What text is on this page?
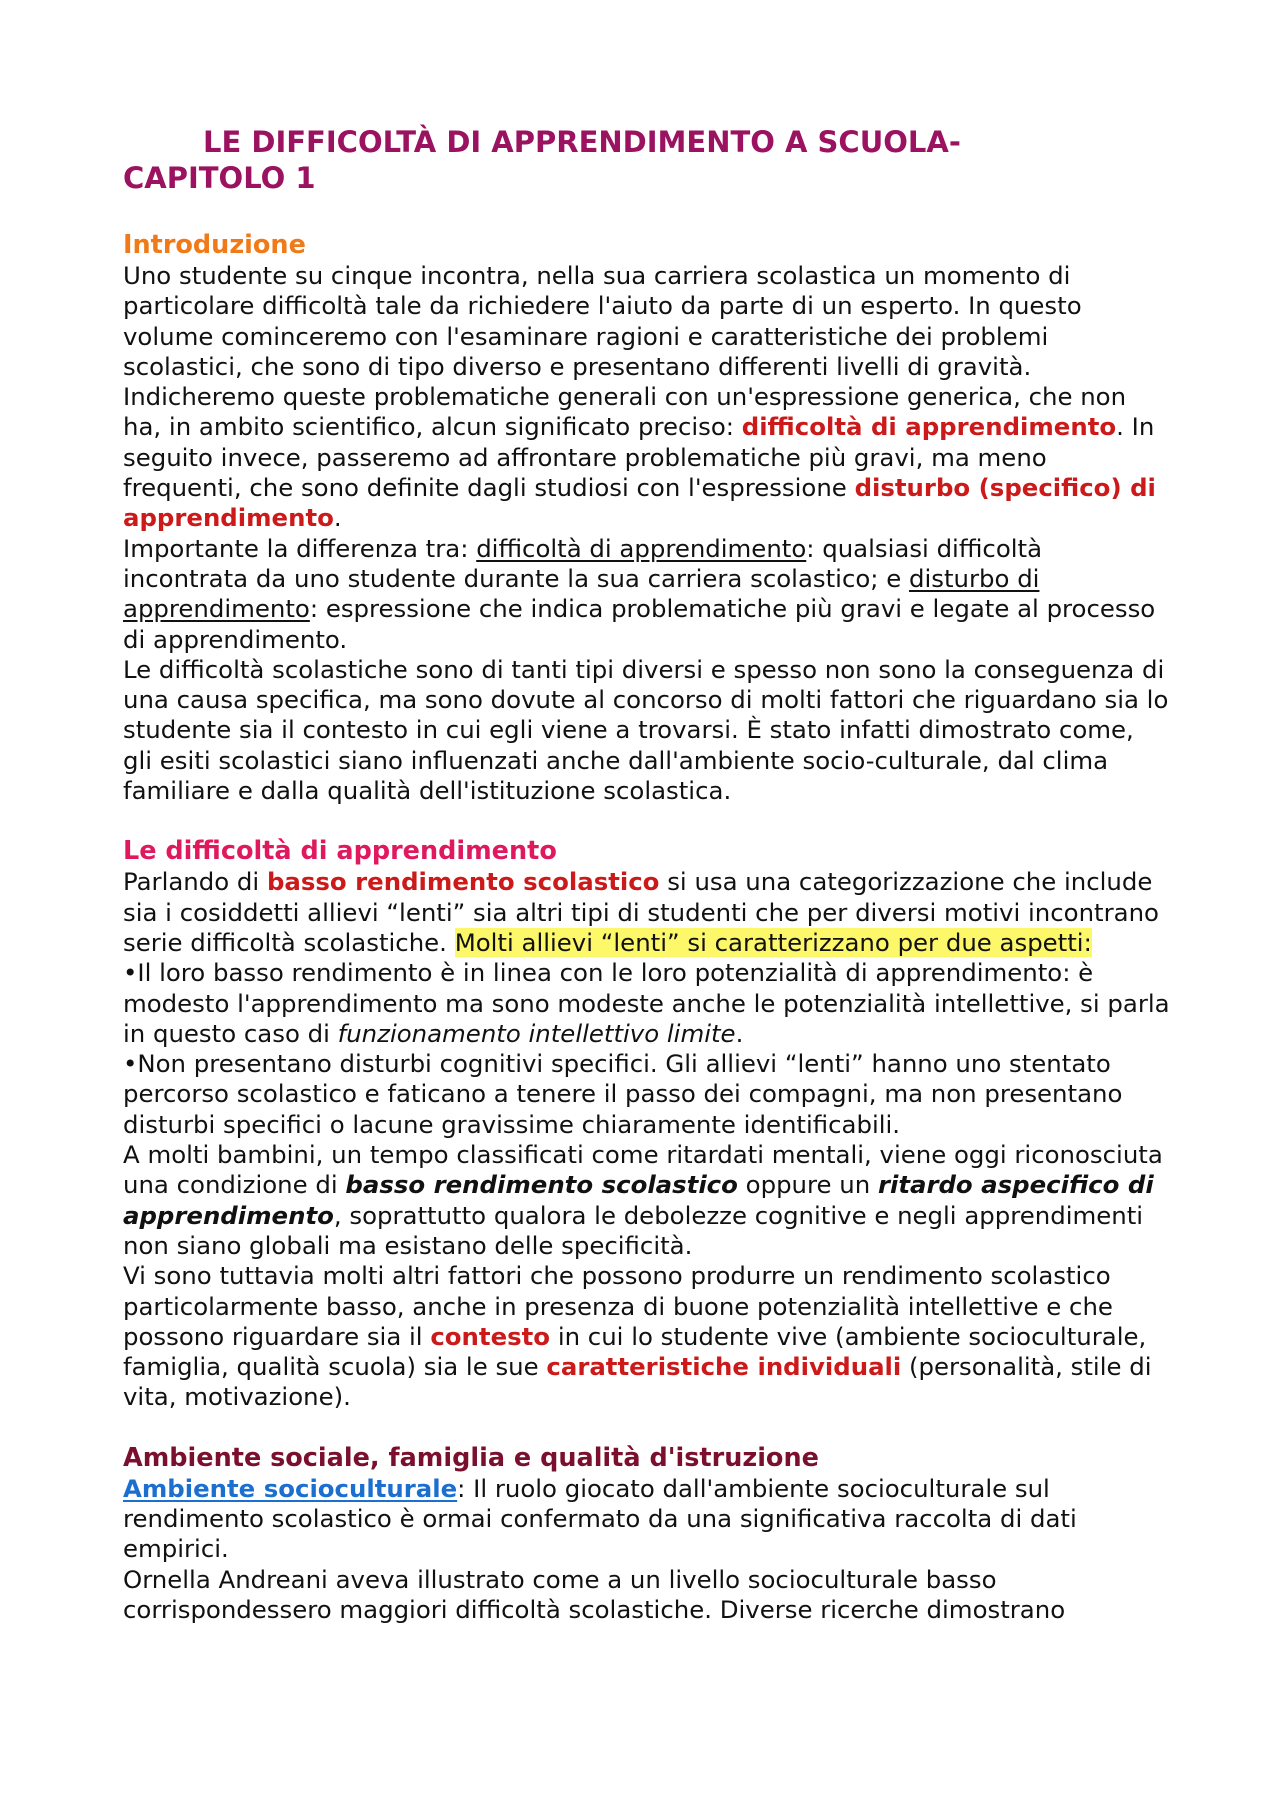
LE DIFFICOLTÀ DI APPRENDIMENTO A SCUOLA-
CAPITOLO 1
Introduzione

Uno studente su cinque incontra, nella sua carriera scolastica un momento di particolare difficoltà tale da richiedere l'aiuto da parte di un esperto. In questo volume cominceremo con l'esaminare ragioni e caratteristiche dei problemi scolastici, che sono di tipo diverso e presentano differenti livelli di gravità. Indicheremo queste problematiche generali con un'espressione generica, che non ha, in ambito scientifico, alcun significato preciso: difficoltà di apprendimento. In seguito invece, passeremo ad affrontare problematiche più gravi, ma meno frequenti, che sono definite dagli studiosi con l'espressione disturbo (specifico) di apprendimento.

Importante la differenza tra: difficoltà di apprendimento: qualsiasi difficoltà incontrata da uno studente durante la sua carriera scolastico; e disturbo di apprendimento: espressione che indica problematiche più gravi e legate al processo di apprendimento.

Le difficoltà scolastiche sono di tanti tipi diversi e spesso non sono la conseguenza di una causa specifica, ma sono dovute al concorso di molti fattori che riguardano sia lo studente sia il contesto in cui egli viene a trovarsi. È stato infatti dimostrato come, gli esiti scolastici siano influenzati anche dall'ambiente socio-culturale, dal clima familiare e dalla qualità dell'istituzione scolastica.

Le difficoltà di apprendimento

Parlando di basso rendimento scolastico si usa una categorizzazione che include sia i cosiddetti allievi “lenti” sia altri tipi di studenti che per diversi motivi incontrano serie difficoltà scolastiche. Molti allievi “lenti” si caratterizzano per due aspetti:

•Il loro basso rendimento è in linea con le loro potenzialità di apprendimento: è modesto l'apprendimento ma sono modeste anche le potenzialità intellettive, si parla in questo caso di funzionamento intellettivo limite.

•Non presentano disturbi cognitivi specifici. Gli allievi “lenti” hanno uno stentato percorso scolastico e faticano a tenere il passo dei compagni, ma non presentano disturbi specifici o lacune gravissime chiaramente identificabili.

A molti bambini, un tempo classificati come ritardati mentali, viene oggi riconosciuta una condizione di basso rendimento scolastico oppure un ritardo aspecifico di apprendimento, soprattutto qualora le debolezze cognitive e negli apprendimenti non siano globali ma esistano delle specificità.

Vi sono tuttavia molti altri fattori che possono produrre un rendimento scolastico particolarmente basso, anche in presenza di buone potenzialità intellettive e che possono riguardare sia il contesto in cui lo studente vive (ambiente socioculturale, famiglia, qualità scuola) sia le sue caratteristiche individuali (personalità, stile di vita, motivazione).

Ambiente sociale, famiglia e qualità d'istruzione

Ambiente socioculturale: Il ruolo giocato dall'ambiente socioculturale sul rendimento scolastico è ormai confermato da una significativa raccolta di dati empirici.

Ornella Andreani aveva illustrato come a un livello socioculturale basso corrispondessero maggiori difficoltà scolastiche. Diverse ricerche dimostrano
